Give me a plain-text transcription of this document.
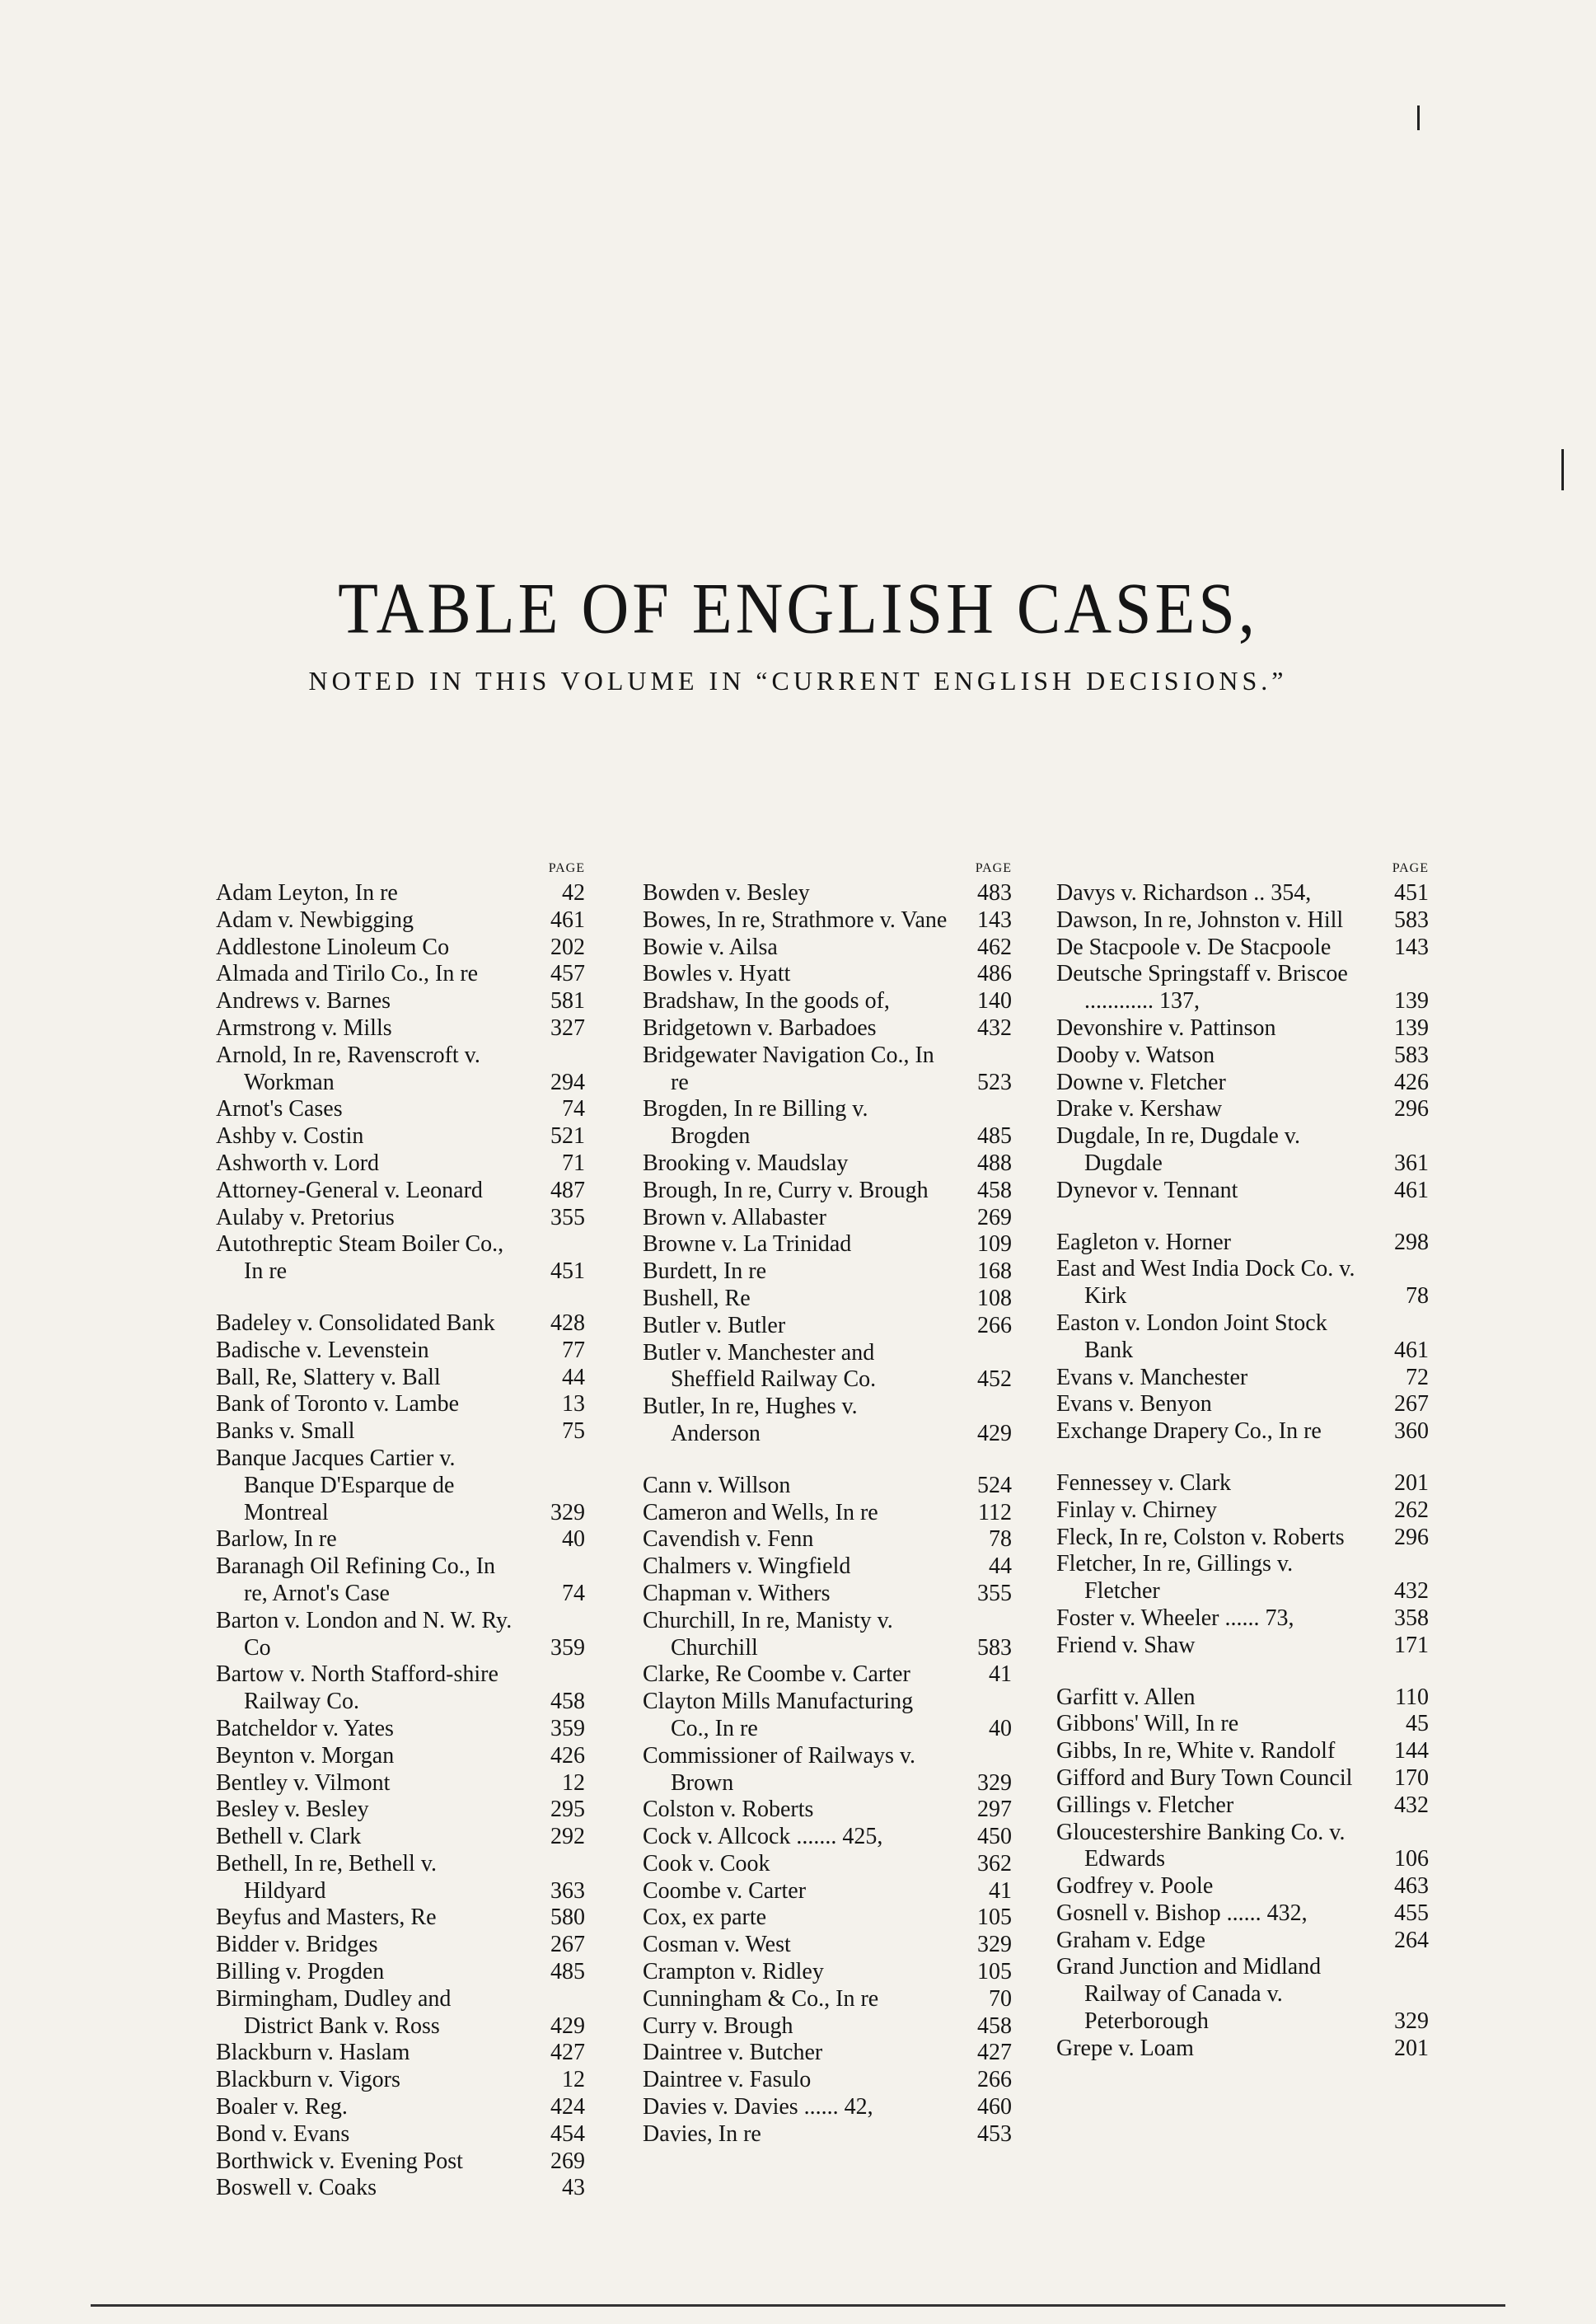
TABLE OF ENGLISH CASES,
NOTED IN THIS VOLUME IN “CURRENT ENGLISH DECISIONS.”
PAGE
Adam Leyton, In re	42
Adam v. Newbigging	461
Addlestone Linoleum Co	202
Almada and Tirilo Co., In re	457
Andrews v. Barnes	581
Armstrong v. Mills	327
Arnold, In re, Ravenscroft v. Workman	294
Arnot's Cases	74
Ashby v. Costin	521
Ashworth v. Lord	71
Attorney-General v. Leonard	487
Aulaby v. Pretorius	355
Autothreptic Steam Boiler Co., In re	451
Badeley v. Consolidated Bank	428
Badische v. Levenstein	77
Ball, Re, Slattery v. Ball	44
Bank of Toronto v. Lambe	13
Banks v. Small	75
Banque Jacques Cartier v. Banque D'Esparque de Montreal	329
Barlow, In re	40
Baranagh Oil Refining Co., In re, Arnot's Case	74
Barton v. London and N. W. Ry. Co	359
Bartow v. North Stafford-shire Railway Co.	458
Batcheldor v. Yates	359
Beynton v. Morgan	426
Bentley v. Vilmont	12
Besley v. Besley	295
Bethell v. Clark	292
Bethell, In re, Bethell v. Hildyard	363
Beyfus and Masters, Re	580
Bidder v. Bridges	267
Billing v. Progden	485
Birmingham, Dudley and District Bank v. Ross	429
Blackburn v. Haslam	427
Blackburn v. Vigors	12
Boaler v. Reg.	424
Bond v. Evans	454
Borthwick v. Evening Post	269
Boswell v. Coaks	43
PAGE
Bowden v. Besley	483
Bowes, In re, Strathmore v. Vane 143
Bowie v. Ailsa	462
Bowles v. Hyatt	486
Bradshaw, In the goods of,	140
Bridgetown v. Barbadoes	432
Bridgewater Navigation Co., In re	523
Brogden, In re Billing v. Brogden	485
Brooking v. Maudslay	488
Brough, In re, Curry v. Brough	458
Brown v. Allabaster	269
Browne v. La Trinidad	109
Burdett, In re	168
Bushell, Re	108
Butler v. Butler	266
Butler v. Manchester and Sheffield Railway Co.	452
Butler, In re, Hughes v. Anderson	429
Cann v. Willson	524
Cameron and Wells, In re	112
Cavendish v. Fenn	78
Chalmers v. Wingfield	44
Chapman v. Withers	355
Churchill, In re, Manisty v. Churchill	583
Clarke, Re Coombe v. Carter	41
Clayton Mills Manufacturing Co., In re	40
Commissioner of Railways v. Brown	329
Colston v. Roberts	297
Cock v. Allcock ....... 425,	450
Cook v. Cook	362
Coombe v. Carter	41
Cox, ex parte	105
Cosman v. West	329
Crampton v. Ridley	105
Cunningham & Co., In re	70
Curry v. Brough	458
Daintree v. Butcher	427
Daintree v. Fasulo	266
Davies v. Davies ...... 42,	460
Davies, In re	453
PAGE
Davys v. Richardson .. 354,	451
Dawson, In re, Johnston v. Hill	583
De Stacpoole v. De Stacpoole	143
Deutsche Springstaff v. Briscoe ............ 137,	139
Devonshire v. Pattinson	139
Dooby v. Watson	583
Downe v. Fletcher	426
Drake v. Kershaw	296
Dugdale, In re, Dugdale v. Dugdale	361
Dynevor v. Tennant	461
Eagleton v. Horner	298
East and West India Dock Co. v. Kirk	78
Easton v. London Joint Stock Bank	461
Evans v. Manchester	72
Evans v. Benyon	267
Exchange Drapery Co., In re	360
Fennessey v. Clark	201
Finlay v. Chirney	262
Fleck, In re, Colston v. Roberts	296
Fletcher, In re, Gillings v. Fletcher	432
Foster v. Wheeler ...... 73,	358
Friend v. Shaw	171
Garfitt v. Allen	110
Gibbons' Will, In re	45
Gibbs, In re, White v. Randolf	144
Gifford and Bury Town Council	170
Gillings v. Fletcher	432
Gloucestershire Banking Co. v. Edwards	106
Godfrey v. Poole	463
Gosnell v. Bishop ...... 432,	455
Graham v. Edge	264
Grand Junction and Midland Railway of Canada v. Peterborough	329
Grepe v. Loam	201
